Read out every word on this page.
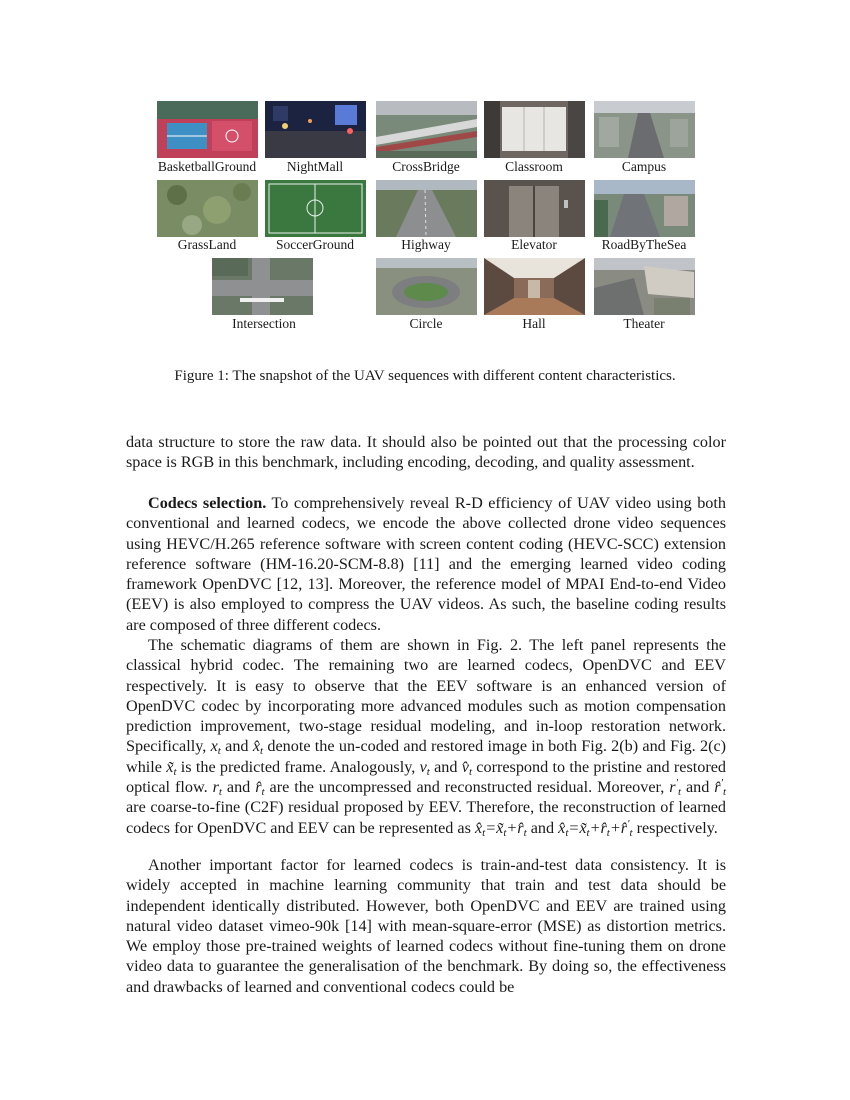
BasketballGround	NightMall	CrossBridge	Classroom	Campus
GrassLand	SoccerGround	Highway	Elevator	RoadByTheSea
Intersection	Circle	Hall	Theater
Figure 1: The snapshot of the UAV sequences with different content characteristics.
data structure to store the raw data. It should also be pointed out that the processing color space is RGB in this benchmark, including encoding, decoding, and quality assessment.
Codecs selection. To comprehensively reveal R-D efficiency of UAV video using both conventional and learned codecs, we encode the above collected drone video sequences using HEVC/H.265 reference software with screen content coding (HEVC-SCC) extension reference software (HM-16.20-SCM-8.8) [11] and the emerging learned video coding framework OpenDVC [12, 13]. Moreover, the reference model of MPAI End-to-end Video (EEV) is also employed to compress the UAV videos. As such, the baseline coding results are composed of three different codecs.
The schematic diagrams of them are shown in Fig. 2. The left panel represents the classical hybrid codec. The remaining two are learned codecs, OpenDVC and EEV respectively. It is easy to observe that the EEV software is an enhanced version of OpenDVC codec by incorporating more advanced modules such as motion compensation prediction improvement, two-stage residual modeling, and in-loop restoration network. Specifically, $x_t$ and $x̂_t$ denote the un-coded and restored image in both Fig. 2(b) and Fig. 2(c) while $x̃_t$ is the predicted frame. Analogously, $v_t$ and $v̂_t$ correspond to the pristine and restored optical flow. $r_t$ and $r̂_t$ are the uncompressed and reconstructed residual. Moreover, $r'_t$ and $r̂'_t$ are coarse-to-fine (C2F) residual proposed by EEV. Therefore, the reconstruction of learned codecs for OpenDVC and EEV can be represented as $x̂_t=x̃_t+r̂_t$ and $x̂_t=x̃_t+r̂_t+r̂'_t$ respectively.
Another important factor for learned codecs is train-and-test data consistency. It is widely accepted in machine learning community that train and test data should be independent identically distributed. However, both OpenDVC and EEV are trained using natural video dataset vimeo-90k [14] with mean-square-error (MSE) as distortion metrics. We employ those pre-trained weights of learned codecs without fine-tuning them on drone video data to guarantee the generalisation of the benchmark. By doing so, the effectiveness and drawbacks of learned and conventional codecs could be
